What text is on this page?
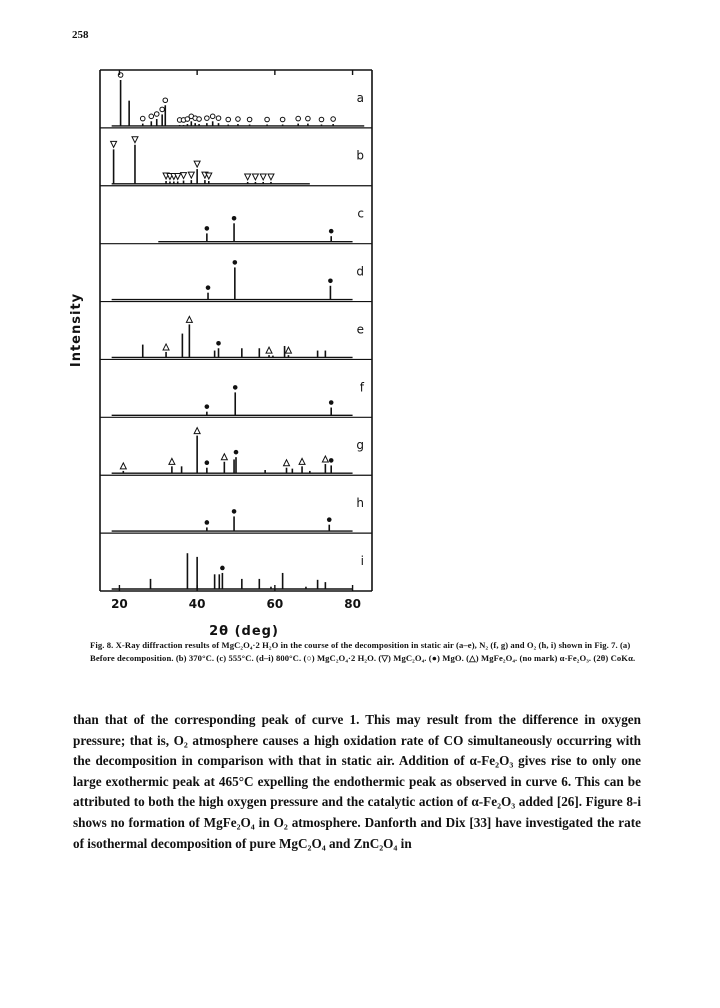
258
a
b
c
d
e
f
g
h
i
20	40	60	80
Intensity
2θ (deg)
Fig. 8. X-Ray diffraction results of MgC₂O₄·2 H₂O in the course of the decomposition in static air (a–e), N₂ (f, g) and O₂ (h, i) shown in Fig. 7. (a) Before decomposition. (b) 370°C. (c) 555°C. (d–i) 800°C. (○) MgC₂O₄·2 H₂O. (▽) MgC₂O₄. (●) MgO. (△) MgFe₂O₄. (no mark) α-Fe₂O₃. (2θ) CoKα.
than that of the corresponding peak of curve 1. This may result from the difference in oxygen pressure; that is, O₂ atmosphere causes a high oxidation rate of CO simultaneously occurring with the decomposition in comparison with that in static air. Addition of α-Fe₂O₃ gives rise to only one large exothermic peak at 465°C expelling the endothermic peak as observed in curve 6. This can be attributed to both the high oxygen pressure and the catalytic action of α-Fe₂O₃ added [26]. Figure 8-i shows no formation of MgFe₂O₄ in O₂ atmosphere. Danforth and Dix [33] have investigated the rate of isothermal decomposition of pure MgC₂O₄ and ZnC₂O₄ in
